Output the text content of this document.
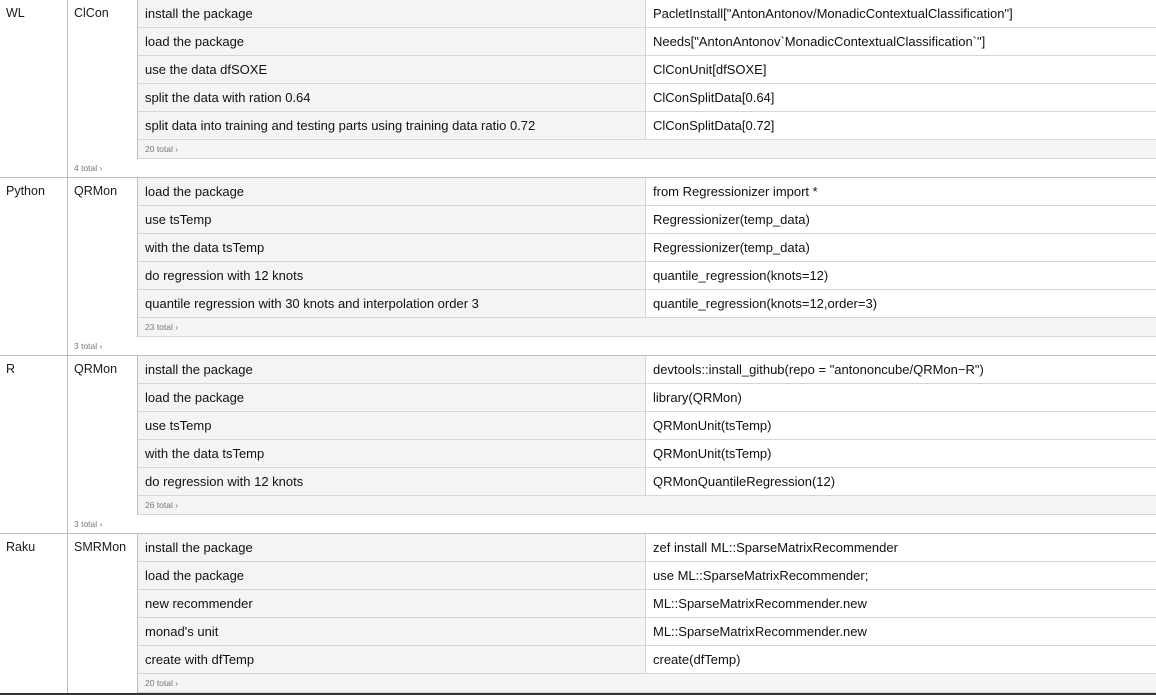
WL	ClCon	install the package	PacletInstall["AntonAntonov/MonadicContextualClassification"]
load the package	Needs["AntonAntonov`MonadicContextualClassification`"]
use the data dfSOXE	ClConUnit[dfSOXE]
split the data with ration 0.64	ClConSplitData[0.64]
split data into training and testing parts using training data ratio 0.72	ClConSplitData[0.72]
20 total ›
4 total ›
Python	QRMon	load the package	from Regressionizer import *
use tsTemp	Regressionizer(temp_data)
with the data tsTemp	Regressionizer(temp_data)
do regression with 12 knots	quantile_regression(knots=12)
quantile regression with 30 knots and interpolation order 3	quantile_regression(knots=12,order=3)
23 total ›
3 total ›
R	QRMon	install the package	devtools::install_github(repo = "antononcube/QRMon−R")
load the package	library(QRMon)
use tsTemp	QRMonUnit(tsTemp)
with the data tsTemp	QRMonUnit(tsTemp)
do regression with 12 knots	QRMonQuantileRegression(12)
26 total ›
3 total ›
Raku	SMRMon	install the package	zef install ML::SparseMatrixRecommender
load the package	use ML::SparseMatrixRecommender;
new recommender	ML::SparseMatrixRecommender.new
monad's unit	ML::SparseMatrixRecommender.new
create with dfTemp	create(dfTemp)
20 total ›
